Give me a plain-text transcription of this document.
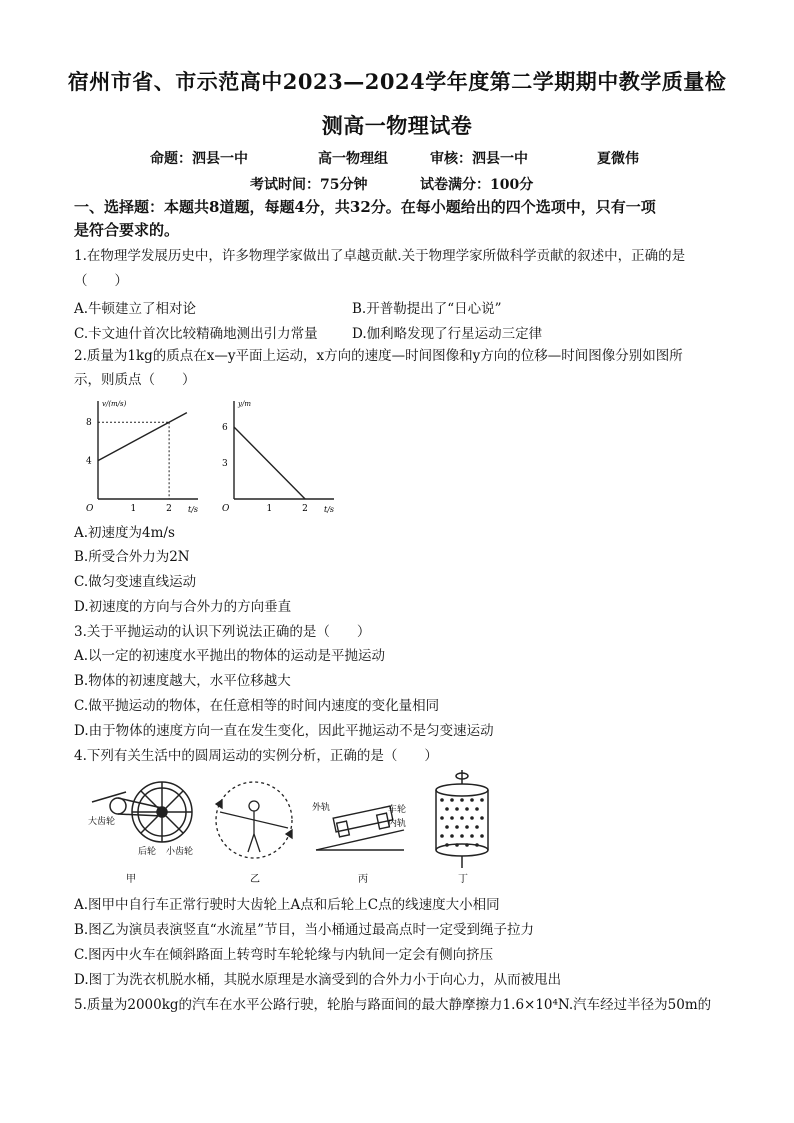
宿州市省、市示范高中2023—2024学年度第二学期期中教学质量检
测高一物理试卷
命题：泗县一中	高一物理组	审核：泗县一中	夏微伟
考试时间：75分钟	试卷满分：100分
一、选择题：本题共8道题，每题4分，共32分。在每小题给出的四个选项中，只有一项
是符合要求的。
1.在物理学发展历史中，许多物理学家做出了卓越贡献.关于物理学家所做科学贡献的叙述中，正确的是
（　　）
A.牛顿建立了相对论	B.开普勒提出了“日心说”
C.卡文迪什首次比较精确地测出引力常量	D.伽利略发现了行星运动三定律
2.质量为1kg的质点在x—y平面上运动，x方向的速度—时间图像和y方向的位移—时间图像分别如图所
示，则质点（　　）
v/(m/s)
t/s
O	1	2
4
8
y/m
t/s
O	1	2
3
6
A.初速度为4m/s
B.所受合外力为2N
C.做匀变速直线运动
D.初速度的方向与合外力的方向垂直
3.关于平抛运动的认识下列说法正确的是（　　）
A.以一定的初速度水平抛出的物体的运动是平抛运动
B.物体的初速度越大，水平位移越大
C.做平抛运动的物体，在任意相等的时间内速度的变化量相同
D.由于物体的速度方向一直在发生变化，因此平抛运动不是匀变速运动
4.下列有关生活中的圆周运动的实例分析，正确的是（　　）
大齿轮
后轮 小齿轮
甲	乙
外轨	车轮
内轨
丙	丁
A.图甲中自行车正常行驶时大齿轮上A点和后轮上C点的线速度大小相同
B.图乙为演员表演竖直“水流星”节目，当小桶通过最高点时一定受到绳子拉力
C.图丙中火车在倾斜路面上转弯时车轮轮缘与内轨间一定会有侧向挤压
D.图丁为洗衣机脱水桶，其脱水原理是水滴受到的合外力小于向心力，从而被甩出
5.质量为2000kg的汽车在水平公路行驶，轮胎与路面间的最大静摩擦力1.6×10⁴N.汽车经过半径为50m的
